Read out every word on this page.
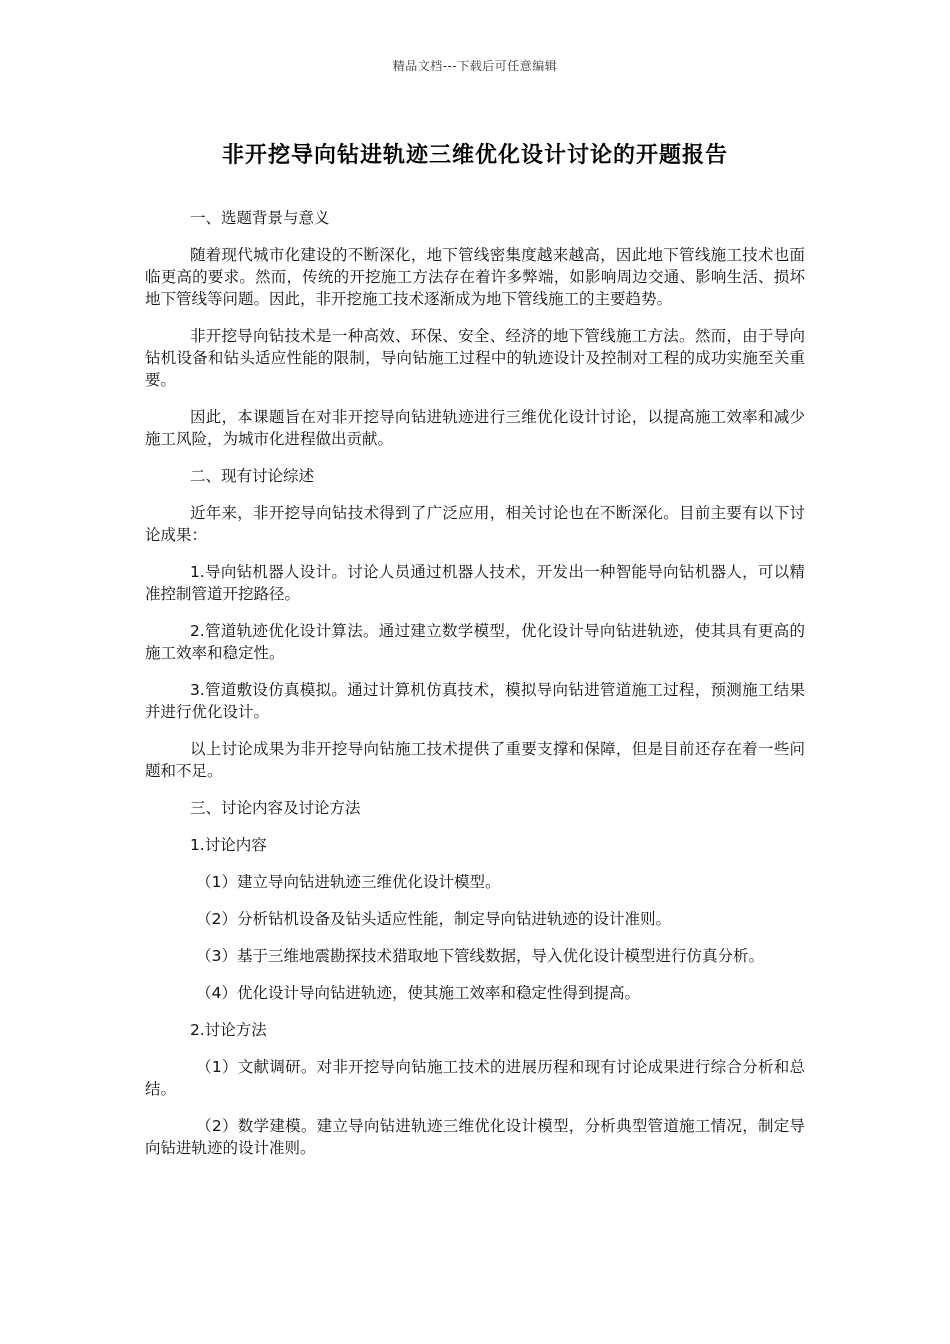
精品文档---下载后可任意编辑
非开挖导向钻进轨迹三维优化设计讨论的开题报告

一、选题背景与意义

随着现代城市化建设的不断深化，地下管线密集度越来越高，因此地下管线施工技术也面临更高的要求。然而，传统的开挖施工方法存在着许多弊端，如影响周边交通、影响生活、损坏地下管线等问题。因此，非开挖施工技术逐渐成为地下管线施工的主要趋势。

非开挖导向钻技术是一种高效、环保、安全、经济的地下管线施工方法。然而，由于导向钻机设备和钻头适应性能的限制，导向钻施工过程中的轨迹设计及控制对工程的成功实施至关重要。

因此，本课题旨在对非开挖导向钻进轨迹进行三维优化设计讨论，以提高施工效率和减少施工风险，为城市化进程做出贡献。

二、现有讨论综述

近年来，非开挖导向钻技术得到了广泛应用，相关讨论也在不断深化。目前主要有以下讨论成果：

1.导向钻机器人设计。讨论人员通过机器人技术，开发出一种智能导向钻机器人，可以精准控制管道开挖路径。

2.管道轨迹优化设计算法。通过建立数学模型，优化设计导向钻进轨迹，使其具有更高的施工效率和稳定性。

3.管道敷设仿真模拟。通过计算机仿真技术，模拟导向钻进管道施工过程，预测施工结果并进行优化设计。

以上讨论成果为非开挖导向钻施工技术提供了重要支撑和保障，但是目前还存在着一些问题和不足。

三、讨论内容及讨论方法

1.讨论内容

（1）建立导向钻进轨迹三维优化设计模型。

（2）分析钻机设备及钻头适应性能，制定导向钻进轨迹的设计准则。

（3）基于三维地震勘探技术猎取地下管线数据，导入优化设计模型进行仿真分析。

（4）优化设计导向钻进轨迹，使其施工效率和稳定性得到提高。

2.讨论方法

（1）文献调研。对非开挖导向钻施工技术的进展历程和现有讨论成果进行综合分析和总结。

（2）数学建模。建立导向钻进轨迹三维优化设计模型，分析典型管道施工情况，制定导向钻进轨迹的设计准则。
